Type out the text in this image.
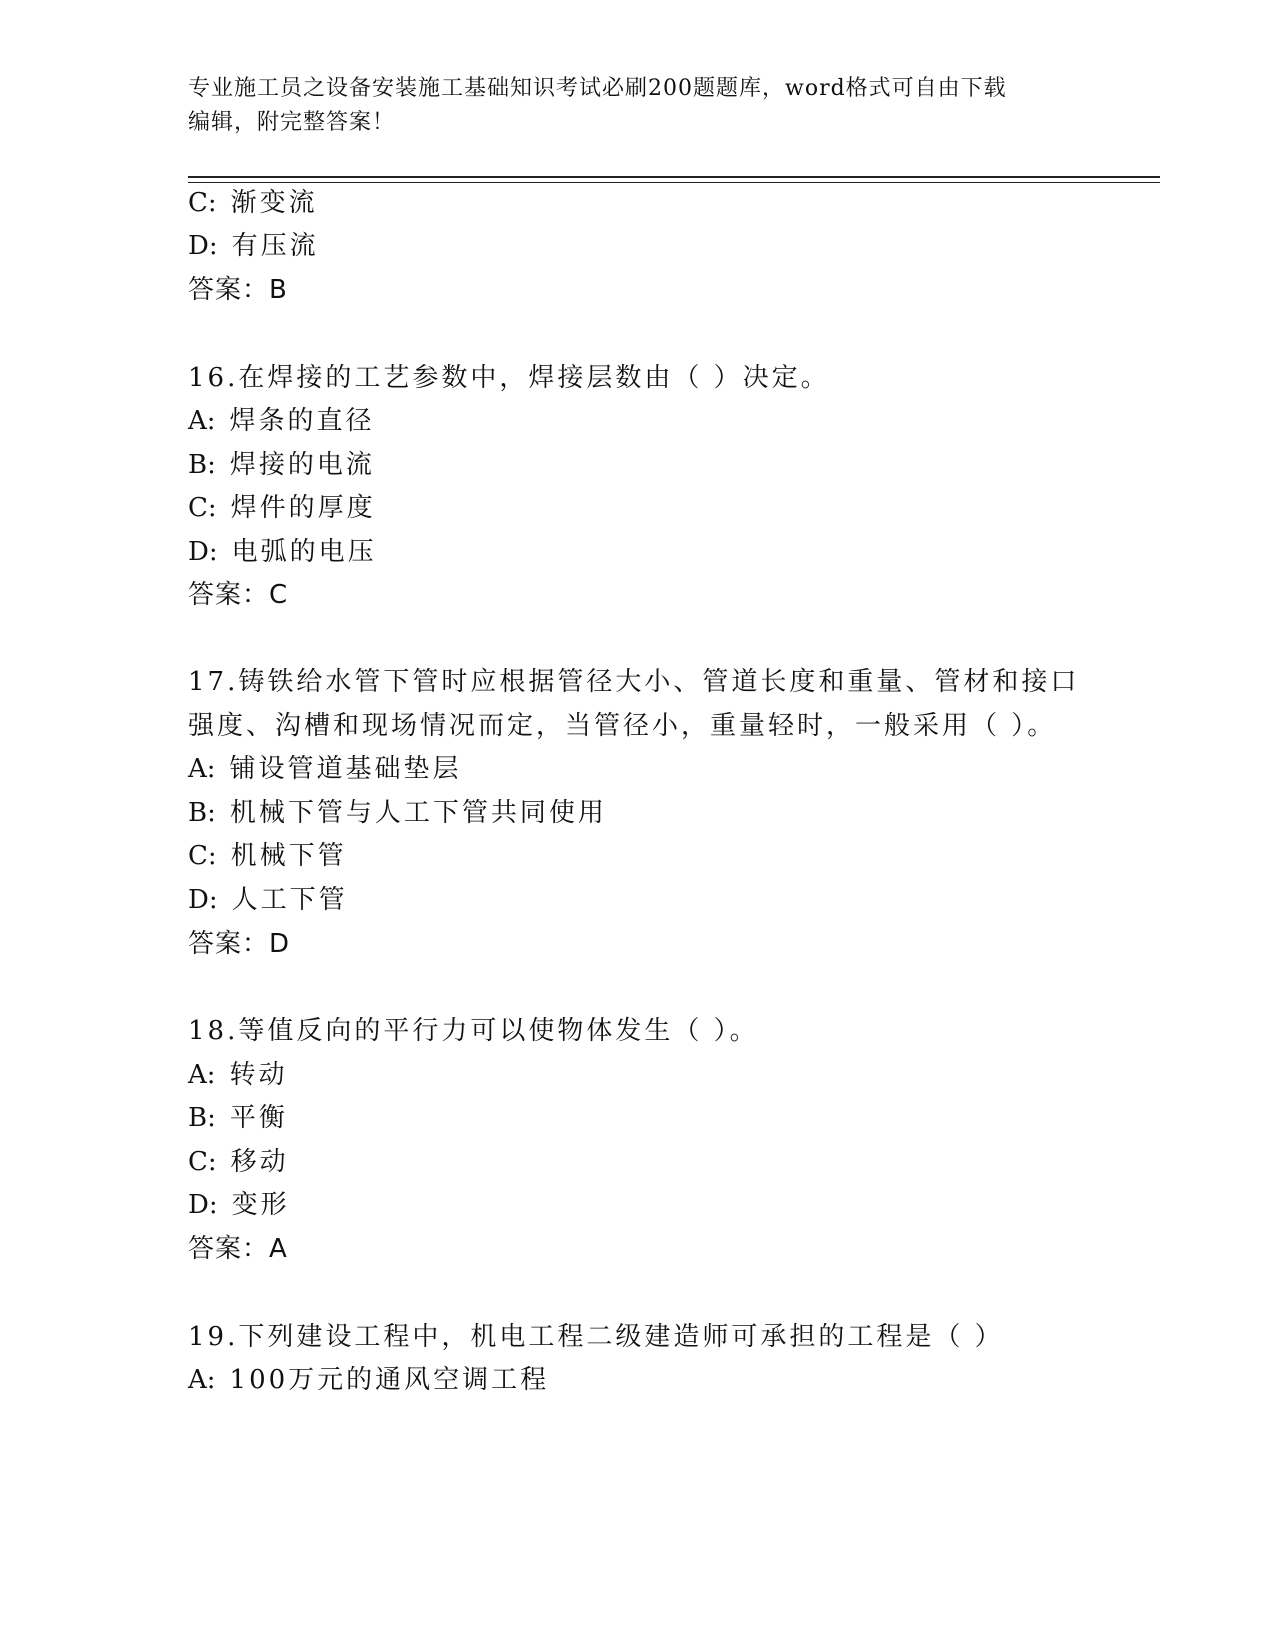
专业施工员之设备安装施工基础知识考试必刷200题题库，word格式可自由下载
编辑，附完整答案！
C: 渐变流
D: 有压流
答案：B
16.在焊接的工艺参数中，焊接层数由（ ）决定。
A: 焊条的直径
B: 焊接的电流
C: 焊件的厚度
D: 电弧的电压
答案：C
17.铸铁给水管下管时应根据管径大小、管道长度和重量、管材和接口
强度、沟槽和现场情况而定，当管径小，重量轻时，一般采用（ ）。
A: 铺设管道基础垫层
B: 机械下管与人工下管共同使用
C: 机械下管
D: 人工下管
答案：D
18.等值反向的平行力可以使物体发生（ ）。
A: 转动
B: 平衡
C: 移动
D: 变形
答案：A
19.下列建设工程中，机电工程二级建造师可承担的工程是（ ）
A: 100万元的通风空调工程
